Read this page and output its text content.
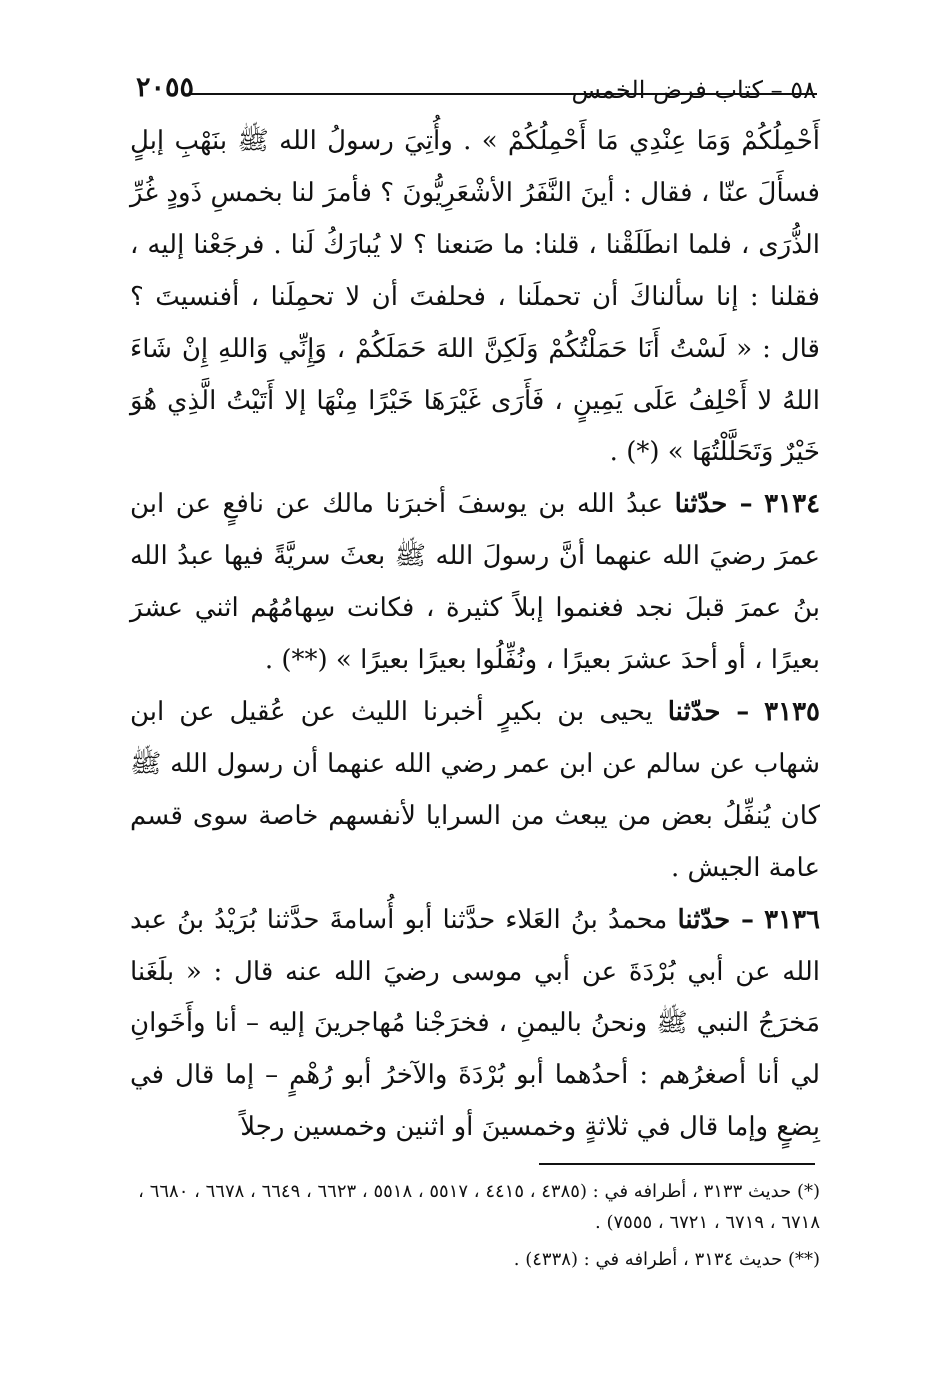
٢٠٥٥	٥٨ – كتاب فرض الخمس

أَحْمِلُكُمْ وَمَا عِنْدِي مَا أَحْمِلُكُمْ » . وأُتِيَ رسولُ الله ﷺ بنَهْبِ إبلٍ فسأَلَ عنّا ، فقال : أينَ النَّفَرُ الأشْعَرِيُّونَ ؟ فأمرَ لنا بخمسِ ذَودٍ غُرِّ الذُّرَى ، فلما انطَلَقْنا ، قلنا: ما صَنعنا ؟ لا يُبارَكُ لَنا . فرجَعْنا إليه ، فقلنا : إنا سألناكَ أن تحملَنا ، فحلفتَ أن لا تحمِلَنا ، أفنسيتَ ؟ قال : « لَسْتُ أَنَا حَمَلْتُكُمْ وَلَكِنَّ اللهَ حَمَلَكُمْ ، وَإِنِّي وَاللهِ إِنْ شَاءَ اللهُ لا أَحْلِفُ عَلَى يَمِينٍ ، فَأَرَى غَيْرَهَا خَيْرًا مِنْهَا إلا أَتَيْتُ الَّذِي هُوَ خَيْرٌ وَتَحَلَّلْتُهَا » (*) .

٣١٣٤ – حدّثنا عبدُ الله بن يوسفَ أخبرَنا مالك عن نافعٍ عن ابن عمرَ رضيَ الله عنهما أنَّ رسولَ الله ﷺ بعثَ سريَّةً فيها عبدُ الله بنُ عمرَ قبلَ نجد فغنموا إبلاً كثيرة ، فكانت سِهامُهُم اثني عشرَ بعيرًا ، أو أحدَ عشرَ بعيرًا ، ونُفِّلُوا بعيرًا بعيرًا » (**) .

٣١٣٥ – حدّثنا يحيى بن بكيرٍ أخبرنا الليث عن عُقيل عن ابن شهاب عن سالم عن ابن عمر رضي الله عنهما أن رسول الله ﷺ كان يُنفِّلُ بعض من يبعث من السرايا لأنفسهم خاصة سوى قسم عامة الجيش .

٣١٣٦ – حدّثنا محمدُ بنُ العَلاء حدَّثنا أبو أُسامةَ حدَّثنا بُرَيْدُ بنُ عبد الله عن أبي بُرْدَةَ عن أبي موسى رضيَ الله عنه قال : « بلَغَنا مَخرَجُ النبي ﷺ ونحنُ باليمنِ ، فخرَجْنا مُهاجرينَ إليه – أنا وأَخَوانِ لي أنا أصغرُهم : أحدُهما أبو بُرْدَةَ والآخرُ أبو رُهْمٍ – إما قال في بِضعٍ وإما قال في ثلاثةٍ وخمسينَ أو اثنين وخمسين رجلاً

(*) حديث ٣١٣٣ ، أطرافه في : (٤٣٨٥ ، ٤٤١٥ ، ٥٥١٧ ، ٥٥١٨ ، ٦٦٢٣ ، ٦٦٤٩ ، ٦٦٧٨ ، ٦٦٨٠ ، ٦٧١٨ ، ٦٧١٩ ، ٦٧٢١ ، ٧٥٥٥) .

(**) حديث ٣١٣٤ ، أطرافه في : (٤٣٣٨) .
